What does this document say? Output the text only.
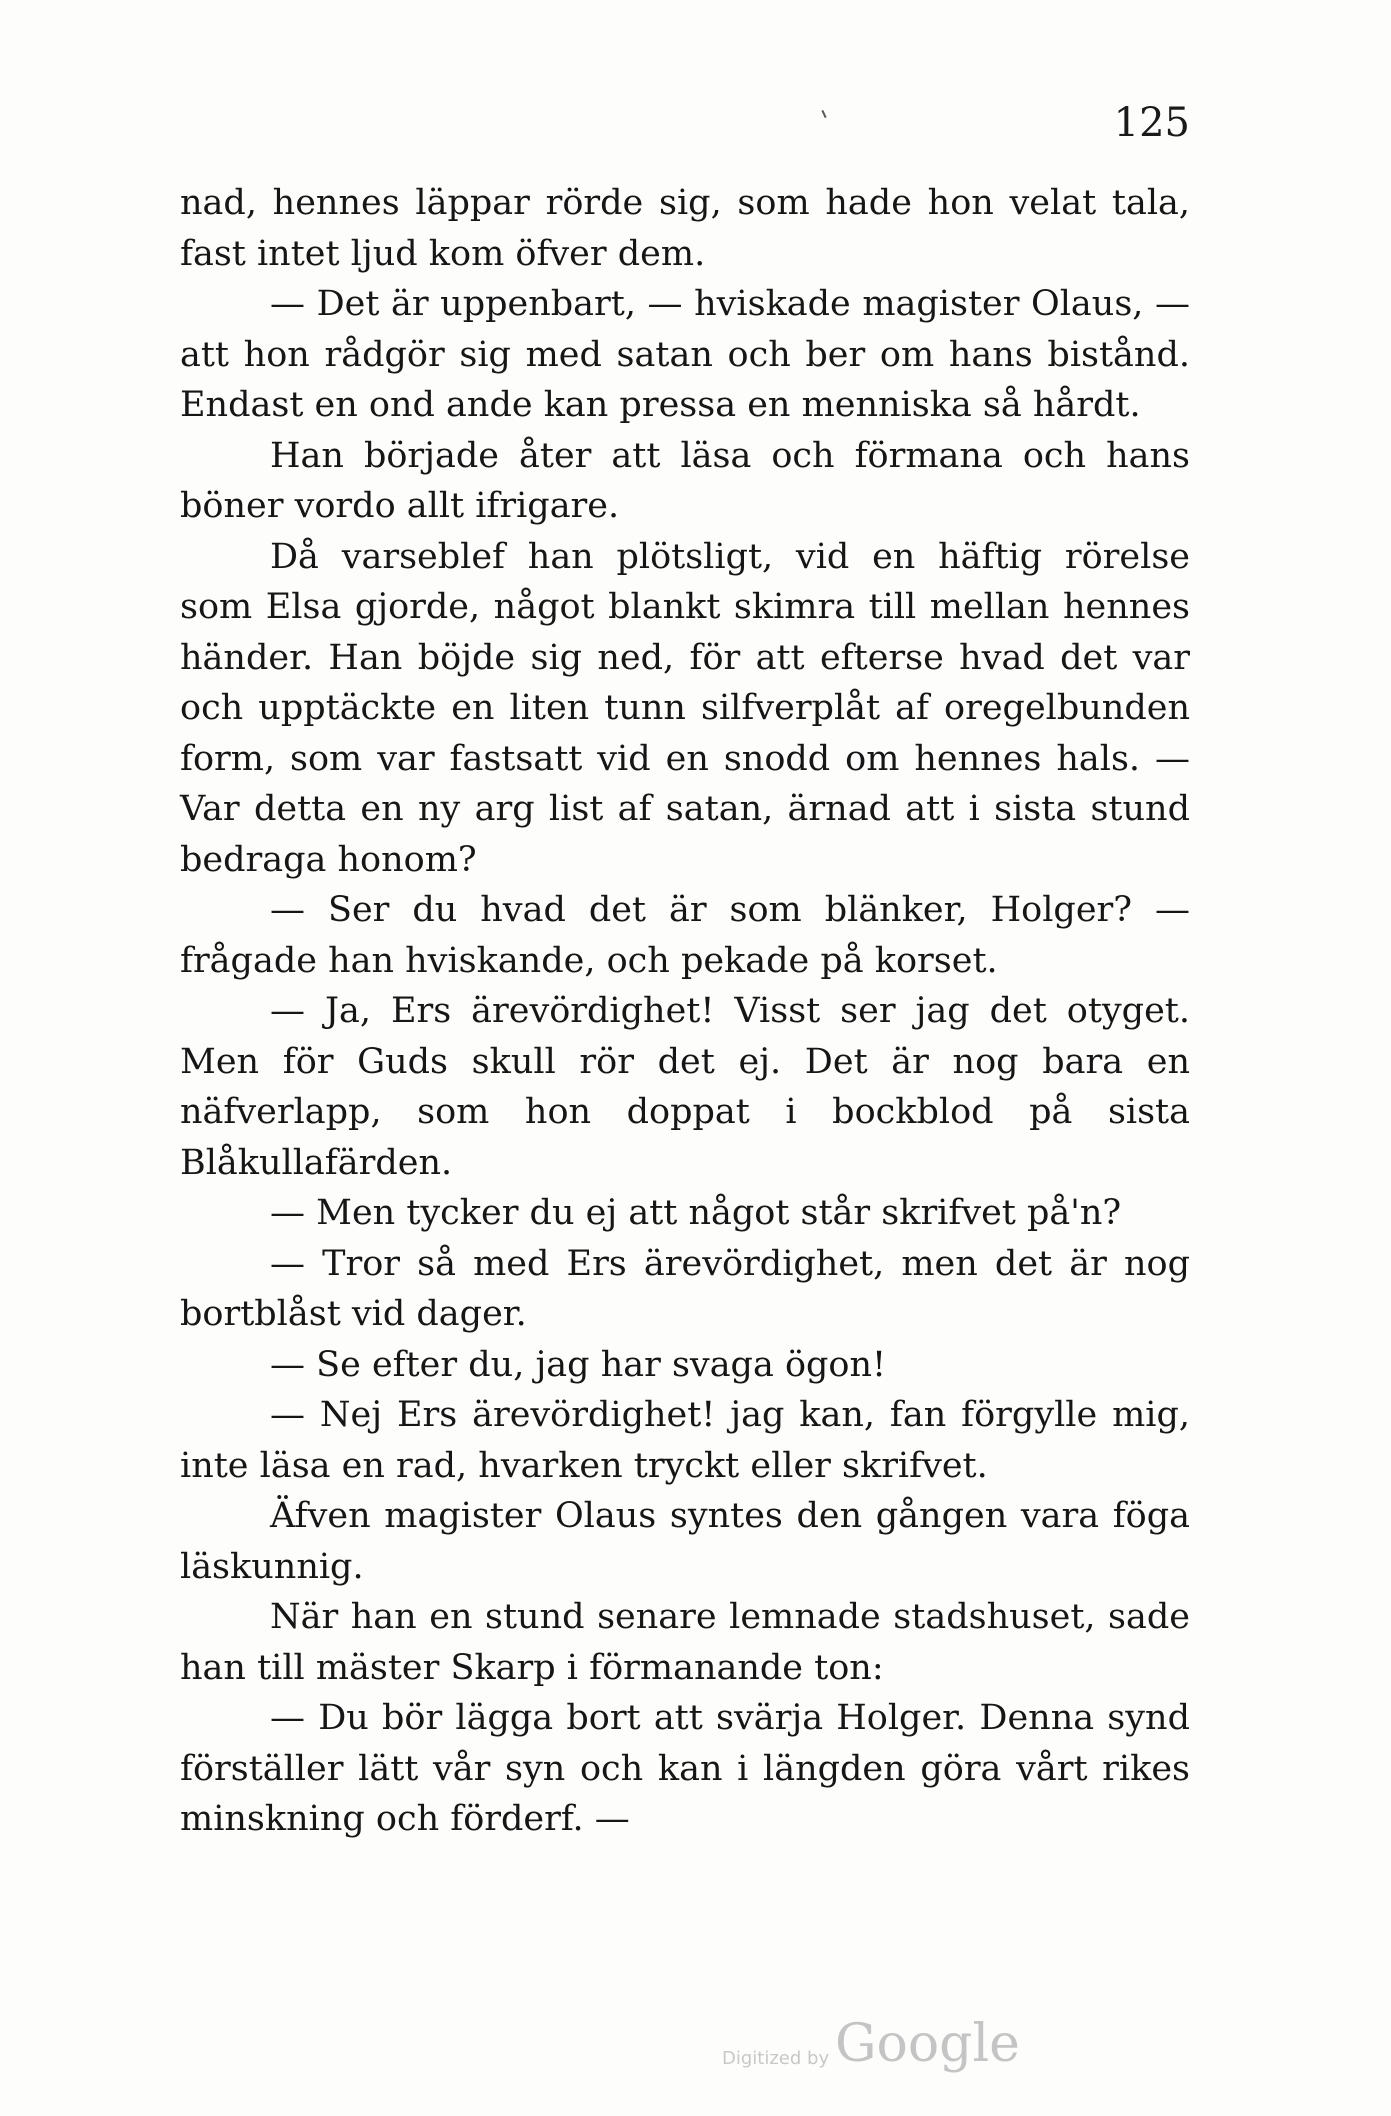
125

nad, hennes läppar rörde sig, som hade hon velat tala, fast intet ljud kom öfver dem.

— Det är uppenbart, — hviskade magister Olaus, — att hon rådgör sig med satan och ber om hans bistånd. Endast en ond ande kan pressa en menniska så hårdt.

Han började åter att läsa och förmana och hans böner vordo allt ifrigare.

Då varseblef han plötsligt, vid en häftig rörelse som Elsa gjorde, något blankt skimra till mellan hennes händer. Han böjde sig ned, för att efterse hvad det var och upptäckte en liten tunn silfverplåt af oregelbunden form, som var fastsatt vid en snodd om hennes hals. — Var detta en ny arg list af satan, ärnad att i sista stund bedraga honom?

— Ser du hvad det är som blänker, Holger? — frågade han hviskande, och pekade på korset.

— Ja, Ers ärevördighet! Visst ser jag det otyget. Men för Guds skull rör det ej. Det är nog bara en näfverlapp, som hon doppat i bockblod på sista Blåkullafärden.

— Men tycker du ej att något står skrifvet på'n?

— Tror så med Ers ärevördighet, men det är nog bortblåst vid dager.

— Se efter du, jag har svaga ögon!

— Nej Ers ärevördighet! jag kan, fan förgylle mig, inte läsa en rad, hvarken tryckt eller skrifvet.

Äfven magister Olaus syntes den gången vara föga läskunnig.

När han en stund senare lemnade stadshuset, sade han till mäster Skarp i förmanande ton:

— Du bör lägga bort att svärja Holger. Denna synd förställer lätt vår syn och kan i längden göra vårt rikes minskning och förderf. —

Digitized by Google
